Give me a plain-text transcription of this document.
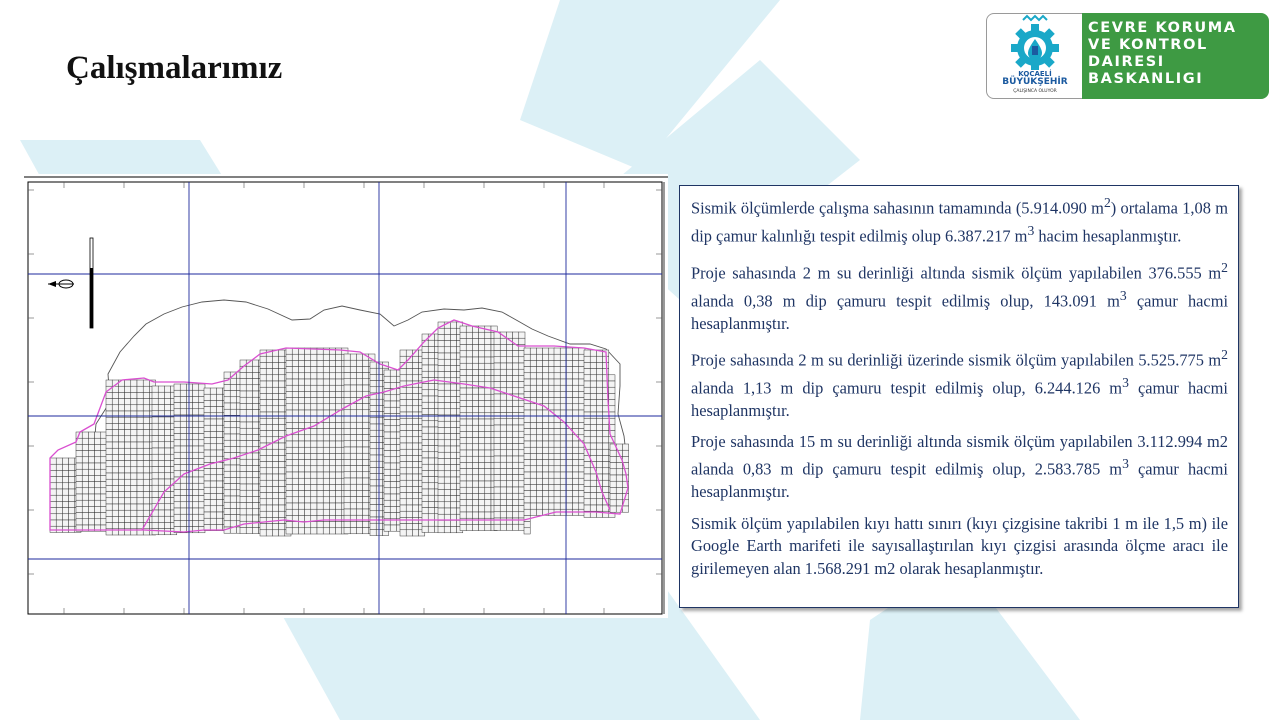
Çalışmalarımız	KOCAELİ
BÜYÜKŞEHİR
ÇALIŞINCA OLUYOR
CEVRE KORUMA
VE KONTROL
DAIRESI
BASKANLIGI

Sismik ölçümlerde çalışma sahasının tamamında (5.914.090 $m^2$) ortalama 1,08 m dip çamur kalınlığı tespit edilmiş olup 6.387.217 $m^3$ hacim hesaplanmıştır.

Proje sahasında 2 m su derinliği altında sismik ölçüm yapılabilen 376.555 $m^2$ alanda 0,38 m dip çamuru tespit edilmiş olup, 143.091 $m^3$ çamur hacmi hesaplanmıştır.

Proje sahasında 2 m su derinliği üzerinde sismik ölçüm yapılabilen 5.525.775 $m^2$ alanda 1,13 m dip çamuru tespit edilmiş olup, 6.244.126 $m^3$ çamur hacmi hesaplanmıştır.

Proje sahasında 15 m su derinliği altında sismik ölçüm yapılabilen 3.112.994 m2 alanda 0,83 m dip çamuru tespit edilmiş olup, 2.583.785 $m^3$ çamur hacmi hesaplanmıştır.

Sismik ölçüm yapılabilen kıyı hattı sınırı (kıyı çizgisine takribi 1 m ile 1,5 m) ile Google Earth marifeti ile sayısallaştırılan kıyı çizgisi arasında ölçme aracı ile girilemeyen alan 1.568.291 m2 olarak hesaplanmıştır.
